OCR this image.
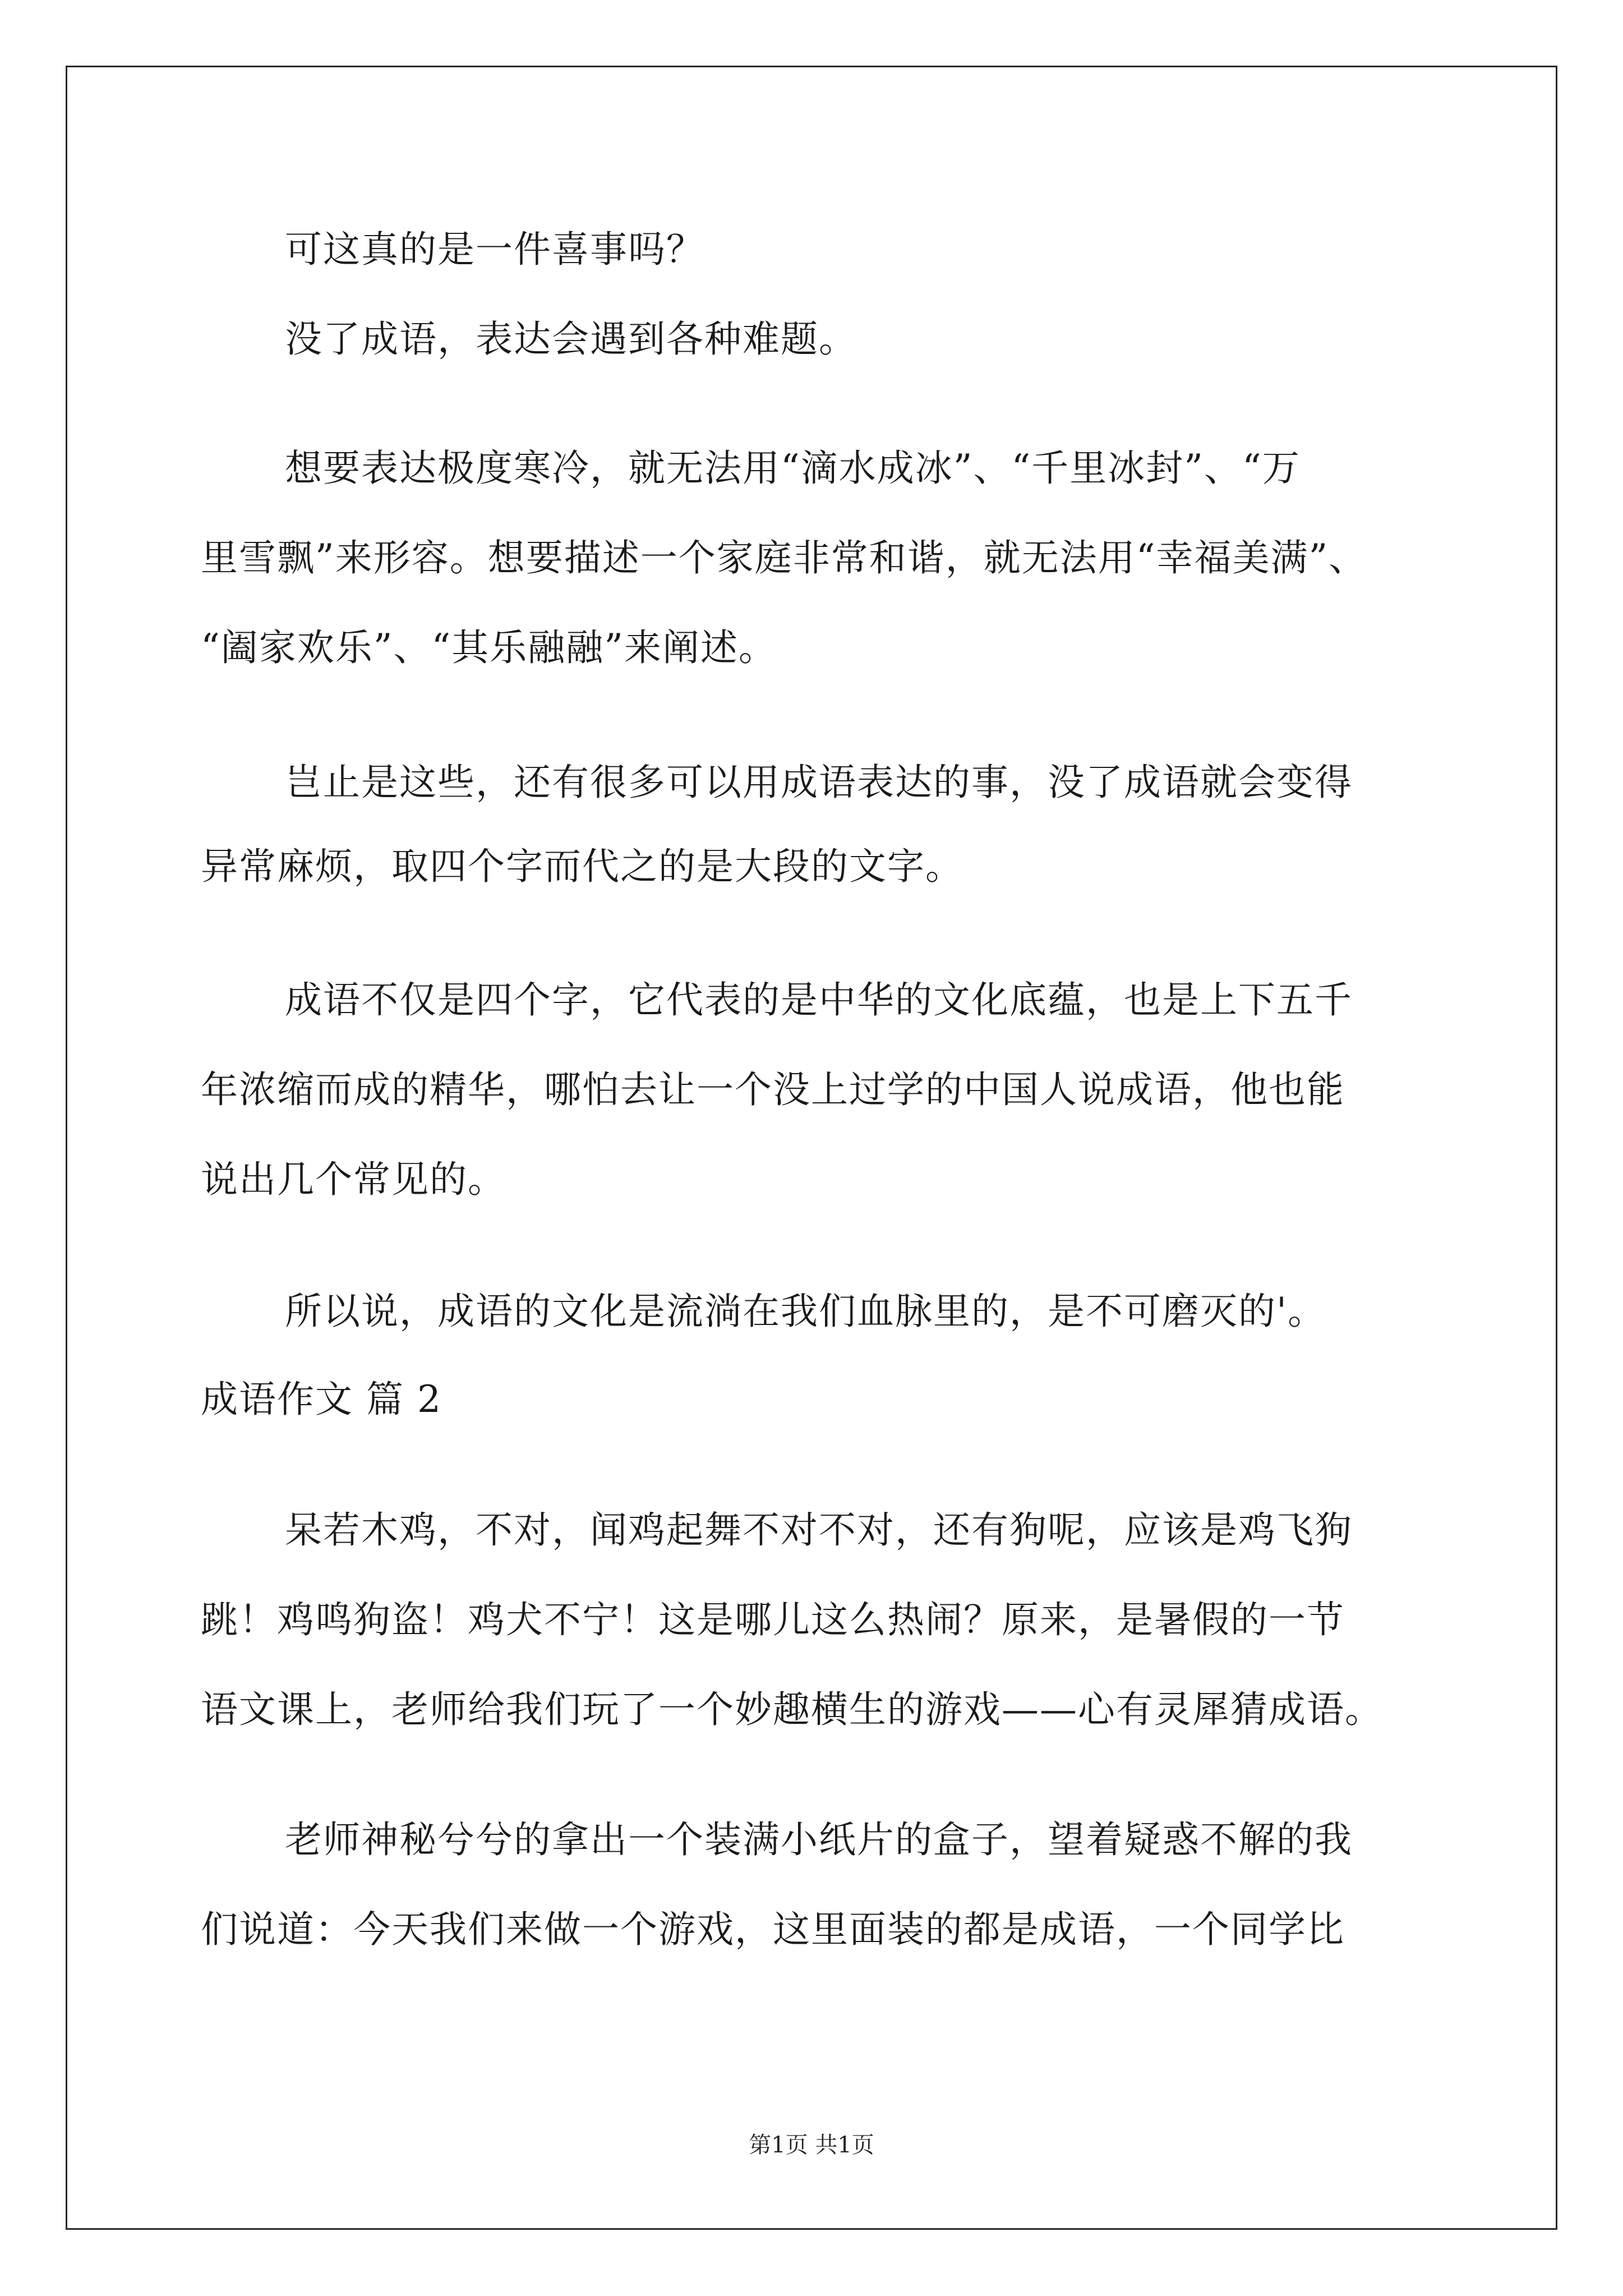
可这真的是一件喜事吗？
没了成语，表达会遇到各种难题。
想要表达极度寒冷，就无法用“滴水成冰”、“千里冰封”、“万
里雪飘”来形容。想要描述一个家庭非常和谐，就无法用“幸福美满”、
“阖家欢乐”、“其乐融融”来阐述。
岂止是这些，还有很多可以用成语表达的事，没了成语就会变得
异常麻烦，取四个字而代之的是大段的文字。
成语不仅是四个字，它代表的是中华的文化底蕴，也是上下五千
年浓缩而成的精华，哪怕去让一个没上过学的中国人说成语，他也能
说出几个常见的。
所以说，成语的文化是流淌在我们血脉里的，是不可磨灭的'。
成语作文 篇 2
呆若木鸡，不对，闻鸡起舞不对不对，还有狗呢，应该是鸡飞狗
跳！鸡鸣狗盗！鸡犬不宁！这是哪儿这么热闹？原来，是暑假的一节
语文课上，老师给我们玩了一个妙趣横生的游戏——心有灵犀猜成语。
老师神秘兮兮的拿出一个装满小纸片的盒子，望着疑惑不解的我
们说道：今天我们来做一个游戏，这里面装的都是成语，一个同学比
第1页 共1页
